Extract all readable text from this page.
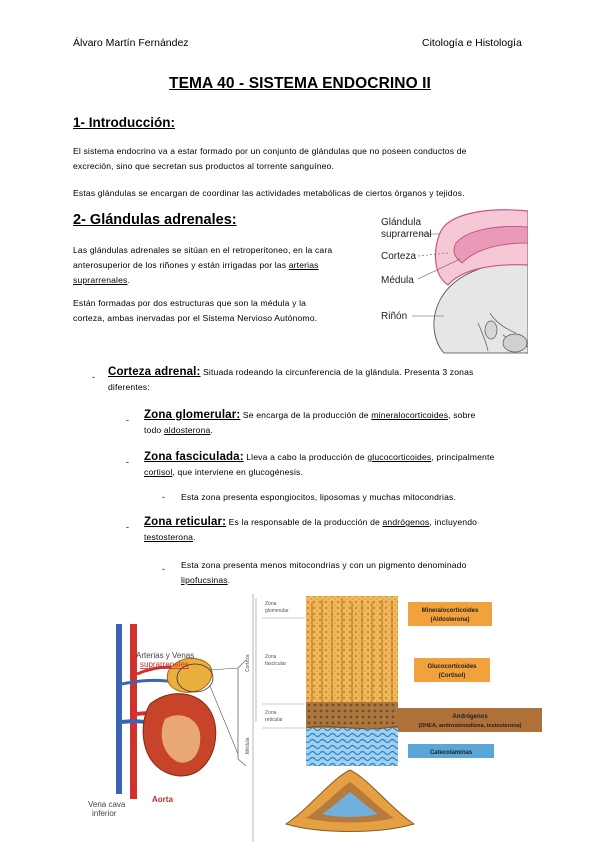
Álvaro Martín Fernández	Citología e Histología
TEMA 40 - SISTEMA ENDOCRINO II
1- Introducción:
El sistema endocrino va a estar formado por un conjunto de glándulas que no poseen conductos de
excreción, sino que secretan sus productos al torrente sanguíneo.
Estas glándulas se encargan de coordinar las actividades metabólicas de ciertos órganos y tejidos.
2- Glándulas adrenales:
Las glándulas adrenales se sitúan en el retroperitoneo, en la cara
anterosuperior de los riñones y están irrigadas por las arterias
suprarrenales.
Están formadas por dos estructuras que son la médula y la
corteza, ambas inervadas por el Sistema Nervioso Autónomo.
Glándula
suprarrenal
Corteza
Médula
Riñón
- Corteza adrenal: Situada rodeando la circunferencia de la glándula. Presenta 3 zonas
diferentes:
- Zona glomerular: Se encarga de la producción de mineralocorticoides, sobre
todo aldosterona.
- Zona fasciculada: Lleva a cabo la producción de glucocorticoides, principalmente
cortisol, que interviene en glucogénesis.
- Esta zona presenta espongiocitos, liposomas y muchas mitocondrias.
- Zona reticular: Es la responsable de la producción de andrógenos, incluyendo
testosterona.
- Esta zona presenta menos mitocondrias y con un pigmento denominado
lipofucsinas.
Arterias y Venas
suprarrenales
Vena cava
inferior
Aorta
Corteza
Médula
Zona
glomerular
Zona
fascicular
Zona
reticular
Mineralocorticoides
(Aldosterona)
Glucocorticoides
(Cortisol)
Andrógenos
(DHEA, androstenodiona, testosterona)
Catecolaminas
